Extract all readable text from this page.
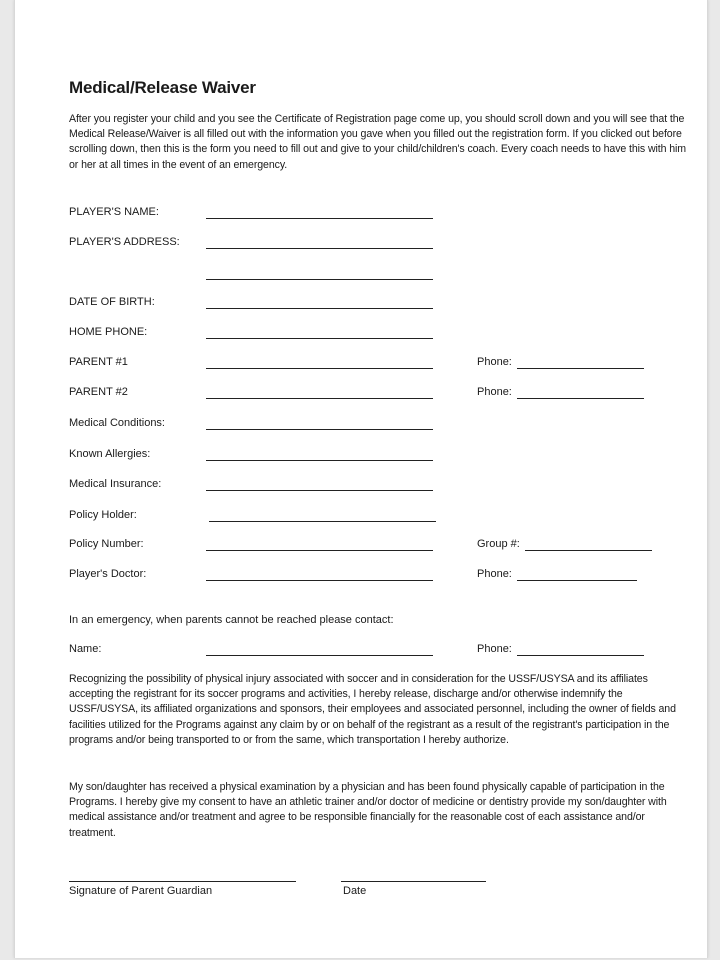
Medical/Release Waiver

After you register your child and you see the Certificate of Registration page come up, you should scroll down and you will see that the Medical Release/Waiver is all filled out with the information you gave when you filled out the registration form. If you clicked out before scrolling down, then this is the form you need to fill out and give to your child/children's coach. Every coach needs to have this with him or her at all times in the event of an emergency.

PLAYER'S NAME:
PLAYER'S ADDRESS:
DATE OF BIRTH:
HOME PHONE:
PARENT #1	Phone:
PARENT #2	Phone:
Medical Conditions:
Known Allergies:
Medical Insurance:
Policy Holder:
Policy Number:	Group #:
Player's Doctor:	Phone:
In an emergency, when parents cannot be reached please contact:
Name:	Phone:

Recognizing the possibility of physical injury associated with soccer and in consideration for the USSF/USYSA and its affiliates accepting the registrant for its soccer programs and activities, I hereby release, discharge and/or otherwise indemnify the USSF/USYSA, its affiliated organizations and sponsors, their employees and associated personnel, including the owner of fields and facilities utilized for the Programs against any claim by or on behalf of the registrant as a result of the registrant's participation in the programs and/or being transported to or from the same, which transportation I hereby authorize.

My son/daughter has received a physical examination by a physician and has been found physically capable of participation in the Programs. I hereby give my consent to have an athletic trainer and/or doctor of medicine or dentistry provide my son/daughter with medical assistance and/or treatment and agree to be responsible financially for the reasonable cost of each assistance and/or treatment.

Signature of Parent Guardian	Date
